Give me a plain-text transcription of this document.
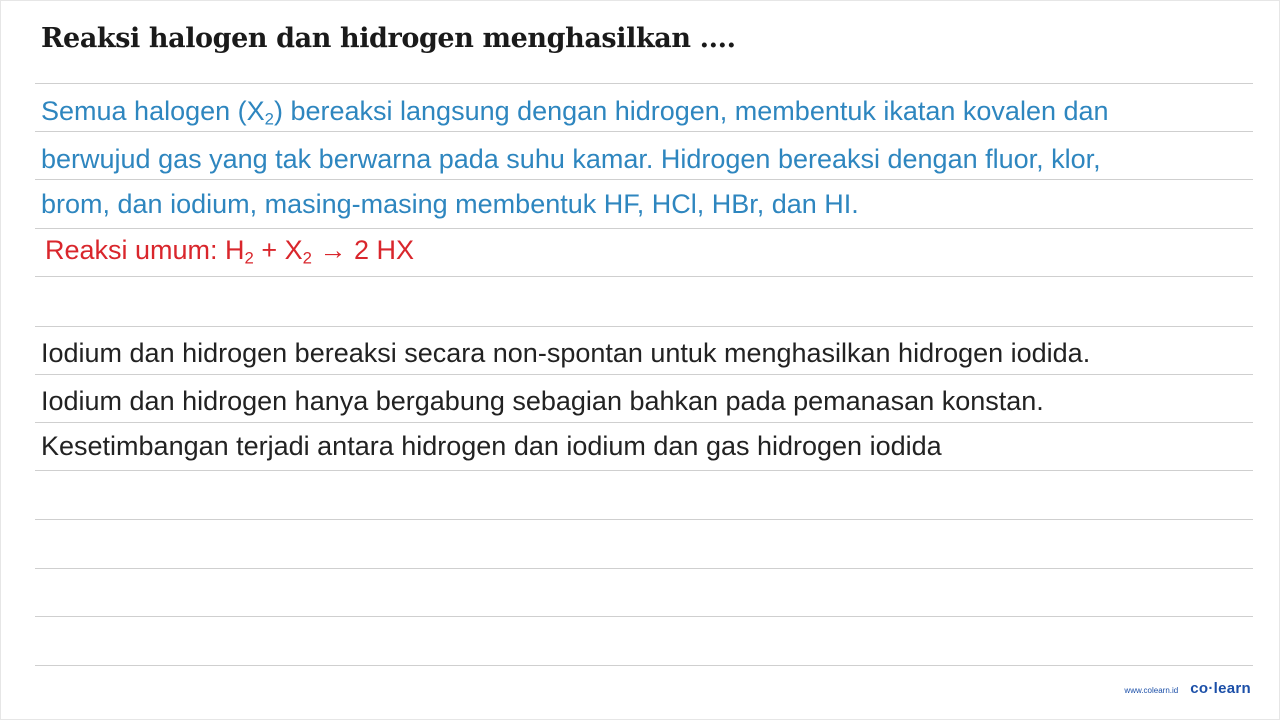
Reaksi halogen dan hidrogen menghasilkan ....
Semua halogen $(X_2)$ bereaksi langsung dengan hidrogen, membentuk ikatan kovalen dan
berwujud gas yang tak berwarna pada suhu kamar. Hidrogen bereaksi dengan fluor, klor,
brom, dan iodium, masing-masing membentuk HF, HCl, HBr, dan HI.
Reaksi umum: $H_2 + X_2 \to 2$ HX
Iodium dan hidrogen bereaksi secara non-spontan untuk menghasilkan hidrogen iodida.
Iodium dan hidrogen hanya bergabung sebagian bahkan pada pemanasan konstan.
Kesetimbangan terjadi antara hidrogen dan iodium dan gas hidrogen iodida
www.colearn.id co·learn
